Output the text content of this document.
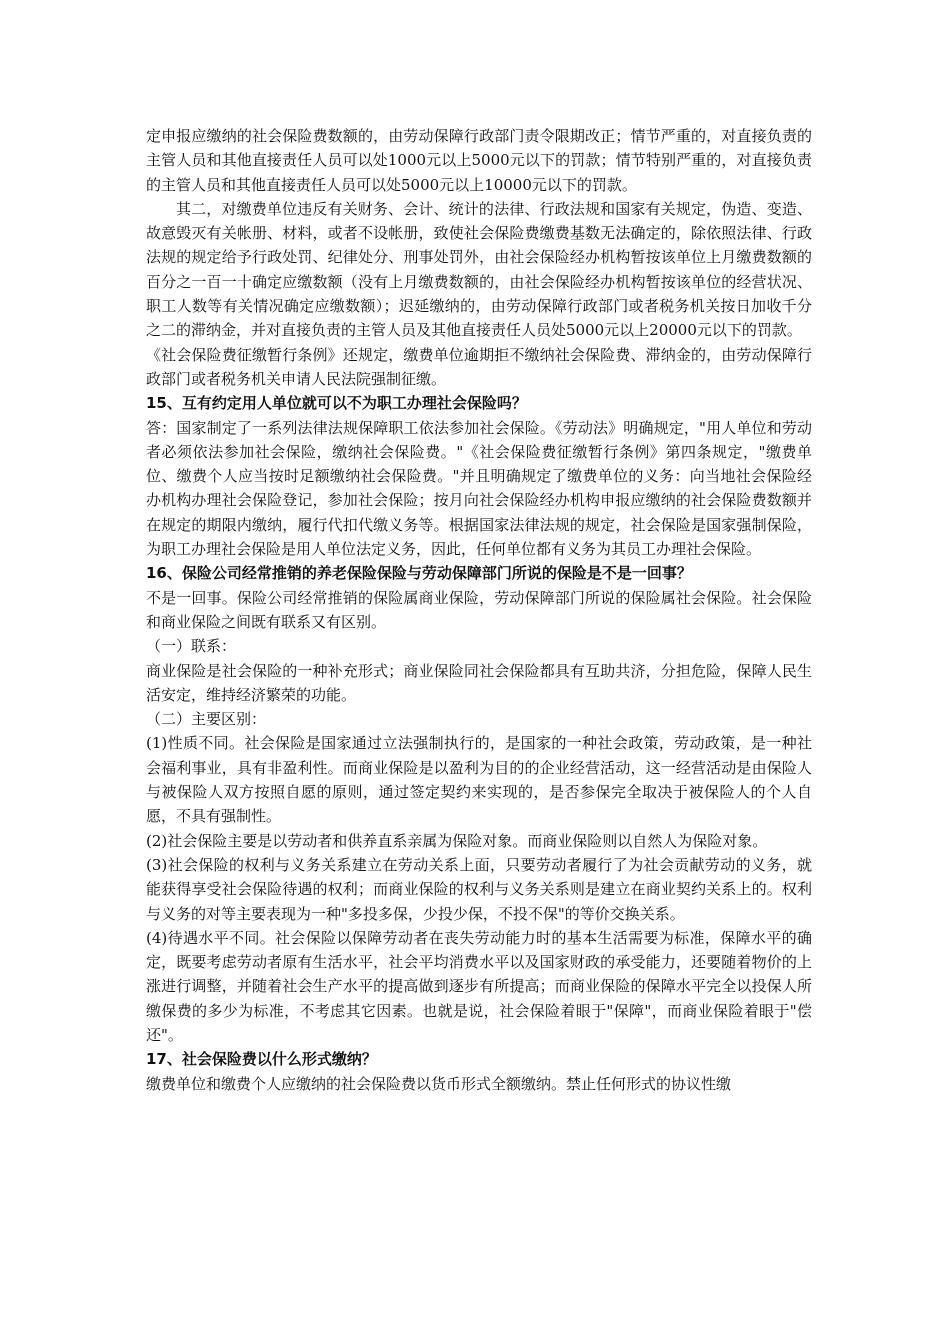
定申报应缴纳的社会保险费数额的，由劳动保障行政部门责令限期改正；情节严重的，对直接负责的主管人员和其他直接责任人员可以处1000元以上5000元以下的罚款；情节特别严重的，对直接负责的主管人员和其他直接责任人员可以处5000元以上10000元以下的罚款。

其二，对缴费单位违反有关财务、会计、统计的法律、行政法规和国家有关规定，伪造、变造、故意毁灭有关帐册、材料，或者不设帐册，致使社会保险费缴费基数无法确定的，除依照法律、行政法规的规定给予行政处罚、纪律处分、刑事处罚外，由社会保险经办机构暂按该单位上月缴费数额的百分之一百一十确定应缴数额（没有上月缴费数额的，由社会保险经办机构暂按该单位的经营状况、职工人数等有关情况确定应缴数额）；迟延缴纳的，由劳动保障行政部门或者税务机关按日加收千分之二的滞纳金，并对直接负责的主管人员及其他直接责任人员处5000元以上20000元以下的罚款。

《社会保险费征缴暂行条例》还规定，缴费单位逾期拒不缴纳社会保险费、滞纳金的，由劳动保障行政部门或者税务机关申请人民法院强制征缴。

15、互有约定用人单位就可以不为职工办理社会保险吗？

答：国家制定了一系列法律法规保障职工依法参加社会保险。《劳动法》明确规定，"用人单位和劳动者必须依法参加社会保险，缴纳社会保险费。"《社会保险费征缴暂行条例》第四条规定，"缴费单位、缴费个人应当按时足额缴纳社会保险费。"并且明确规定了缴费单位的义务：向当地社会保险经办机构办理社会保险登记，参加社会保险；按月向社会保险经办机构申报应缴纳的社会保险费数额并在规定的期限内缴纳，履行代扣代缴义务等。根据国家法律法规的规定，社会保险是国家强制保险，为职工办理社会保险是用人单位法定义务，因此，任何单位都有义务为其员工办理社会保险。

16、保险公司经常推销的养老保险保险与劳动保障部门所说的保险是不是一回事？

不是一回事。保险公司经常推销的保险属商业保险，劳动保障部门所说的保险属社会保险。社会保险和商业保险之间既有联系又有区别。

（一）联系：

商业保险是社会保险的一种补充形式；商业保险同社会保险都具有互助共济，分担危险，保障人民生活安定，维持经济繁荣的功能。

（二）主要区别：

(1)性质不同。社会保险是国家通过立法强制执行的，是国家的一种社会政策，劳动政策，是一种社会福利事业，具有非盈利性。而商业保险是以盈利为目的的企业经营活动，这一经营活动是由保险人与被保险人双方按照自愿的原则，通过签定契约来实现的，是否参保完全取决于被保险人的个人自愿，不具有强制性。

(2)社会保险主要是以劳动者和供养直系亲属为保险对象。而商业保险则以自然人为保险对象。

(3)社会保险的权利与义务关系建立在劳动关系上面，只要劳动者履行了为社会贡献劳动的义务，就能获得享受社会保险待遇的权利；而商业保险的权利与义务关系则是建立在商业契约关系上的。权利与义务的对等主要表现为一种"多投多保，少投少保，不投不保"的等价交换关系。

(4)待遇水平不同。社会保险以保障劳动者在丧失劳动能力时的基本生活需要为标准，保障水平的确定，既要考虑劳动者原有生活水平，社会平均消费水平以及国家财政的承受能力，还要随着物价的上涨进行调整，并随着社会生产水平的提高做到逐步有所提高；而商业保险的保障水平完全以投保人所缴保费的多少为标准，不考虑其它因素。也就是说，社会保险着眼于"保障"，而商业保险着眼于"偿还"。

17、社会保险费以什么形式缴纳？

缴费单位和缴费个人应缴纳的社会保险费以货币形式全额缴纳。禁止任何形式的协议性缴
